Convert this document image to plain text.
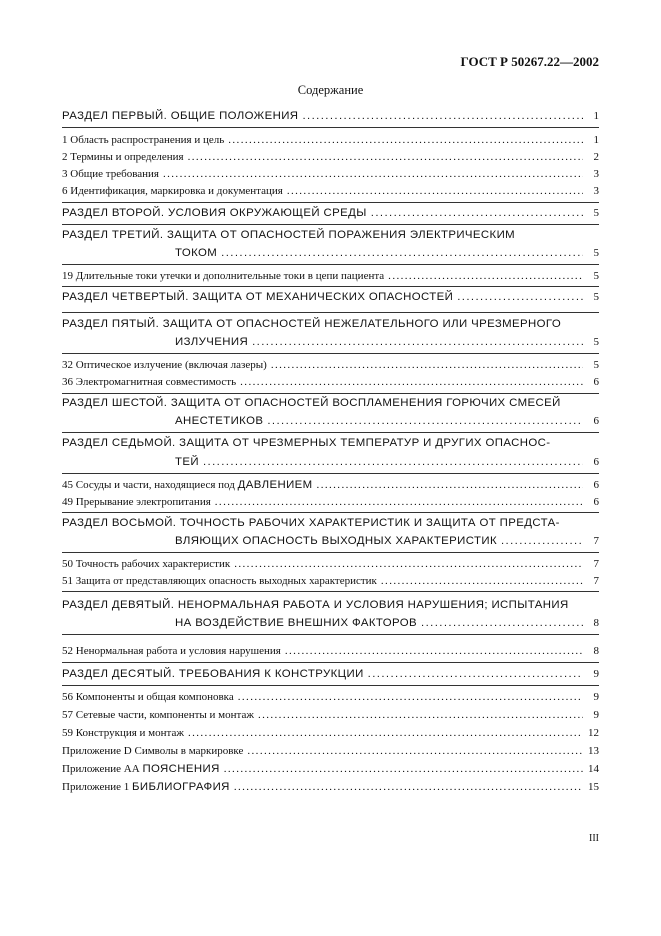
ГОСТ Р 50267.22—2002
Содержание
РАЗДЕЛ ПЕРВЫЙ. ОБЩИЕ ПОЛОЖЕНИЯ .....	1
1 Область распространения и цель .....	1
2 Термины и определения .....	2
3 Общие требования .....	3
6 Идентификация, маркировка и документация .....	3
РАЗДЕЛ ВТОРОЙ. УСЛОВИЯ ОКРУЖАЮЩЕЙ СРЕДЫ .....	5
РАЗДЕЛ ТРЕТИЙ. ЗАЩИТА ОТ ОПАСНОСТЕЙ ПОРАЖЕНИЯ ЭЛЕКТРИЧЕСКИМ
ТОКОМ .....	5
19 Длительные токи утечки и дополнительные токи в цепи пациента .....	5
РАЗДЕЛ ЧЕТВЕРТЫЙ. ЗАЩИТА ОТ МЕХАНИЧЕСКИХ ОПАСНОСТЕЙ .....	5
РАЗДЕЛ ПЯТЫЙ. ЗАЩИТА ОТ ОПАСНОСТЕЙ НЕЖЕЛАТЕЛЬНОГО ИЛИ ЧРЕЗМЕРНОГО
ИЗЛУЧЕНИЯ .....	5
32 Оптическое излучение (включая лазеры) .....	5
36 Электромагнитная совместимость .....	6
РАЗДЕЛ ШЕСТОЙ. ЗАЩИТА ОТ ОПАСНОСТЕЙ ВОСПЛАМЕНЕНИЯ ГОРЮЧИХ СМЕСЕЙ
АНЕСТЕТИКОВ .....	6
РАЗДЕЛ СЕДЬМОЙ. ЗАЩИТА ОТ ЧРЕЗМЕРНЫХ ТЕМПЕРАТУР И ДРУГИХ ОПАСНОС-
ТЕЙ .....	6
45 Сосуды и части, находящиеся под ДАВЛЕНИЕМ .....	6
49 Прерывание электропитания .....	6
РАЗДЕЛ ВОСЬМОЙ. ТОЧНОСТЬ РАБОЧИХ ХАРАКТЕРИСТИК И ЗАЩИТА ОТ ПРЕДСТА-
ВЛЯЮЩИХ ОПАСНОСТЬ ВЫХОДНЫХ ХАРАКТЕРИСТИК .....	7
50 Точность рабочих характеристик .....	7
51 Защита от представляющих опасность выходных характеристик .....	7
РАЗДЕЛ ДЕВЯТЫЙ. НЕНОРМАЛЬНАЯ РАБОТА И УСЛОВИЯ НАРУШЕНИЯ; ИСПЫТАНИЯ
НА ВОЗДЕЙСТВИЕ ВНЕШНИХ ФАКТОРОВ .....	8
52 Ненормальная работа и условия нарушения .....	8
РАЗДЕЛ ДЕСЯТЫЙ. ТРЕБОВАНИЯ К КОНСТРУКЦИИ .....	9
56 Компоненты и общая компоновка .....	9
57 Сетевые части, компоненты и монтаж .....	9
59 Конструкция и монтаж .....	12
Приложение D Символы в маркировке .....	13
Приложение АА ПОЯСНЕНИЯ .....	14
Приложение 1 БИБЛИОГРАФИЯ .....	15
III
